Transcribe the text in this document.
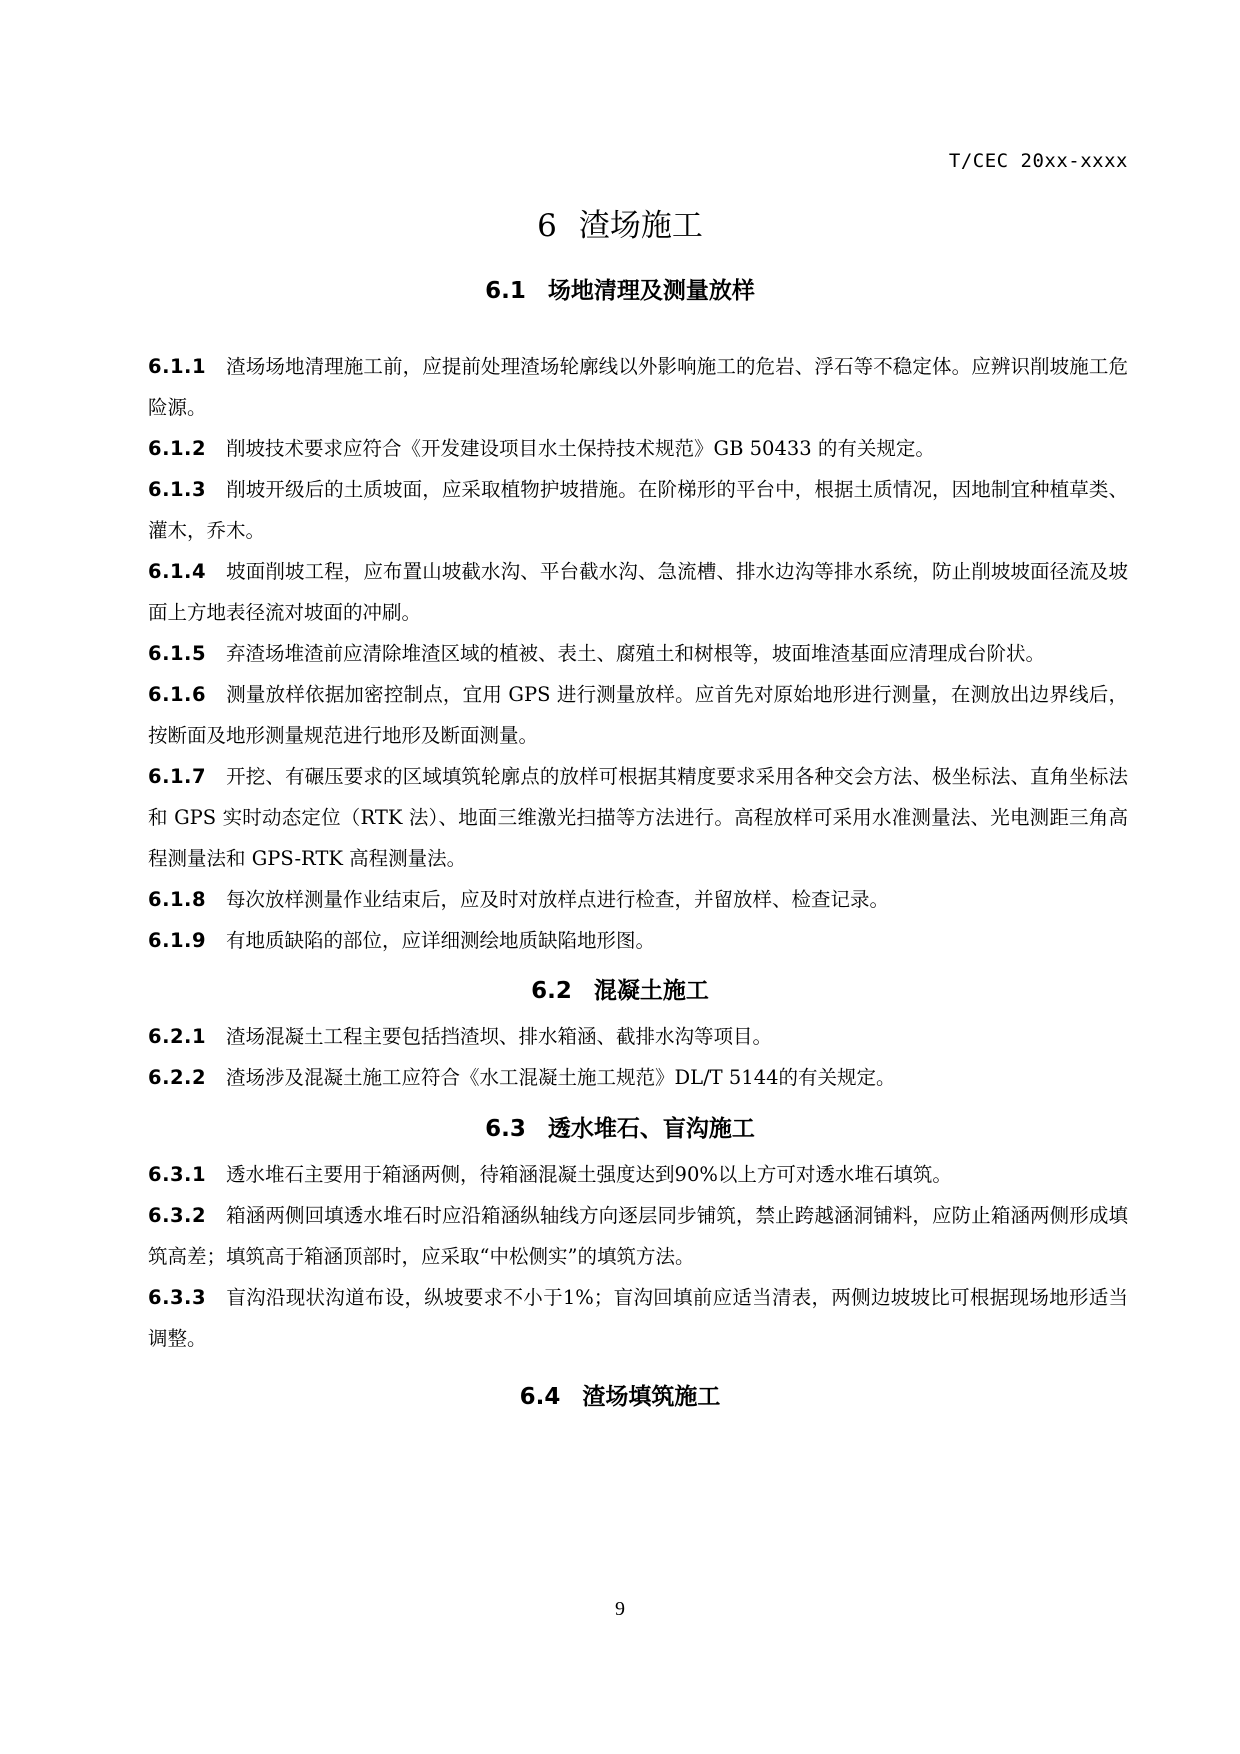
T/CEC 20xx-xxxx
6 渣场施工
6.1 场地清理及测量放样
6.1.1 渣场场地清理施工前，应提前处理渣场轮廓线以外影响施工的危岩、浮石等不稳定体。应辨识削坡施工危险源。
6.1.2 削坡技术要求应符合《开发建设项目水土保持技术规范》GB 50433 的有关规定。
6.1.3 削坡开级后的土质坡面，应采取植物护坡措施。在阶梯形的平台中，根据土质情况，因地制宜种植草类、灌木，乔木。
6.1.4 坡面削坡工程，应布置山坡截水沟、平台截水沟、急流槽、排水边沟等排水系统，防止削坡坡面径流及坡面上方地表径流对坡面的冲刷。
6.1.5 弃渣场堆渣前应清除堆渣区域的植被、表土、腐殖土和树根等，坡面堆渣基面应清理成台阶状。
6.1.6 测量放样依据加密控制点，宜用 GPS 进行测量放样。应首先对原始地形进行测量，在测放出边界线后，按断面及地形测量规范进行地形及断面测量。
6.1.7 开挖、有碾压要求的区域填筑轮廓点的放样可根据其精度要求采用各种交会方法、极坐标法、直角坐标法和 GPS 实时动态定位（RTK 法）、地面三维激光扫描等方法进行。高程放样可采用水准测量法、光电测距三角高程测量法和 GPS-RTK 高程测量法。
6.1.8 每次放样测量作业结束后，应及时对放样点进行检查，并留放样、检查记录。
6.1.9 有地质缺陷的部位，应详细测绘地质缺陷地形图。
6.2 混凝土施工
6.2.1 渣场混凝土工程主要包括挡渣坝、排水箱涵、截排水沟等项目。
6.2.2 渣场涉及混凝土施工应符合《水工混凝土施工规范》DL/T 5144的有关规定。
6.3 透水堆石、盲沟施工
6.3.1 透水堆石主要用于箱涵两侧，待箱涵混凝土强度达到90%以上方可对透水堆石填筑。
6.3.2 箱涵两侧回填透水堆石时应沿箱涵纵轴线方向逐层同步铺筑，禁止跨越涵洞铺料，应防止箱涵两侧形成填筑高差；填筑高于箱涵顶部时，应采取“中松侧实”的填筑方法。
6.3.3 盲沟沿现状沟道布设，纵坡要求不小于1%；盲沟回填前应适当清表，两侧边坡坡比可根据现场地形适当调整。
6.4 渣场填筑施工
9
